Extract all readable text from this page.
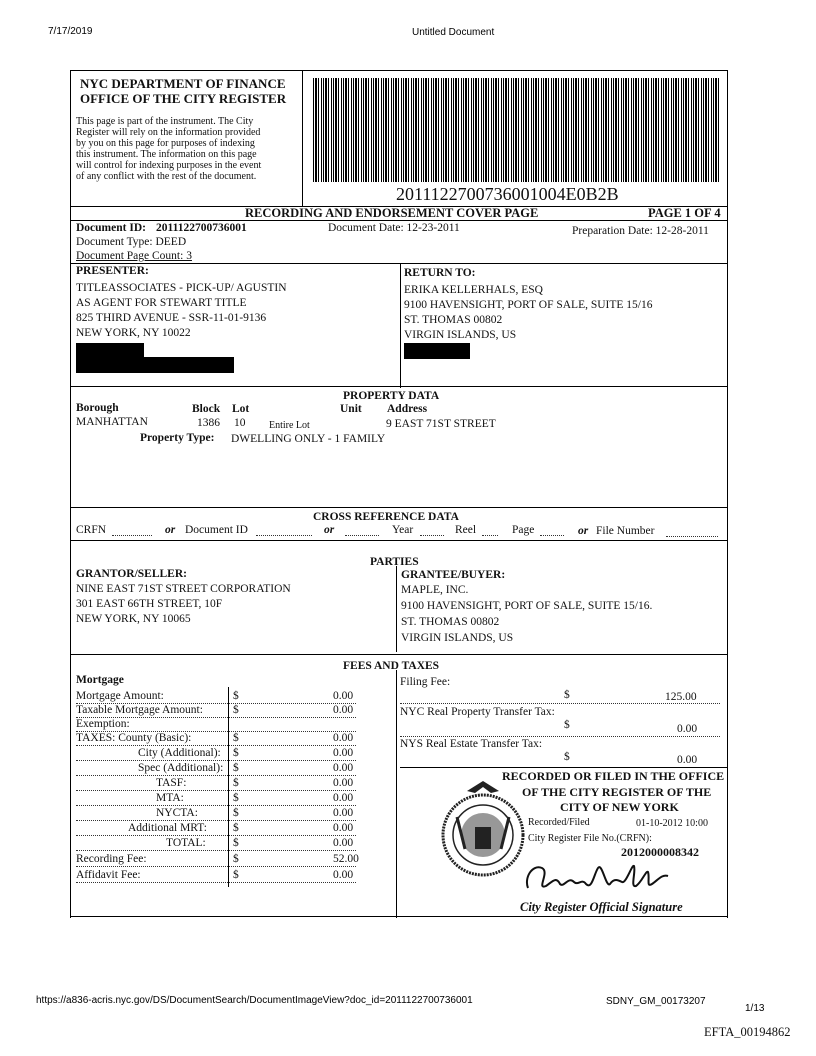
7/17/2019	Untitled Document
NYC DEPARTMENT OF FINANCE
OFFICE OF THE CITY REGISTER
This page is part of the instrument. The City
Register will rely on the information provided
by you on this page for purposes of indexing
this instrument. The information on this page
will control for indexing purposes in the event
of any conflict with the rest of the document.
2011122700736001004E0B2B
RECORDING AND ENDORSEMENT COVER PAGE	PAGE 1 OF 4
Document ID: 2011122700736001	Document Date: 12-23-2011	Preparation Date: 12-28-2011
Document Type: DEED
Document Page Count: 3
PRESENTER:
TITLEASSOCIATES - PICK-UP/ AGUSTIN
AS AGENT FOR STEWART TITLE
825 THIRD AVENUE - SSR-11-01-9136
NEW YORK, NY 10022
RETURN TO:
ERIKA KELLERHALS, ESQ
9100 HAVENSIGHT, PORT OF SALE, SUITE 15/16
ST. THOMAS 00802
VIRGIN ISLANDS, US
PROPERTY DATA
Borough	Block Lot	Unit Address
MANHATTAN	1386 10 Entire Lot	9 EAST 71ST STREET
Property Type: DWELLING ONLY - 1 FAMILY
CROSS REFERENCE DATA
CRFN	or Document ID	or	Year	Reel	Page	or File Number
PARTIES
GRANTOR/SELLER:
NINE EAST 71ST STREET CORPORATION
301 EAST 66TH STREET, 10F
NEW YORK, NY 10065
GRANTEE/BUYER:
MAPLE, INC.
9100 HAVENSIGHT, PORT OF SALE, SUITE 15/16.
ST. THOMAS 00802
VIRGIN ISLANDS, US
FEES AND TAXES
Mortgage	Filing Fee:
$	125.00
NYC Real Property Transfer Tax:
$	0.00
NYS Real Estate Transfer Tax:
$	0.00
RECORDED OR FILED IN THE OFFICE
OF THE CITY REGISTER OF THE
CITY OF NEW YORK
Recorded/Filed	01-10-2012 10:00
City Register File No.(CRFN):
2012000008342
City Register Official Signature
https://a836-acris.nyc.gov/DS/DocumentSearch/DocumentImageView?doc_id=2011122700736001	SDNY_GM_00173207
1/13
EFTA_00194862
Mortgage Amount:	$	0.00
Taxable Mortgage Amount:	$	0.00
Exemption:
TAXES: County (Basic):	$	0.00
City (Additional): $	0.00
Spec (Additional): $	0.00
TASF:	$	0.00
MTA:	$	0.00
NYCTA:	$	0.00
Additional MRT: $	0.00
TOTAL: $	0.00
Recording Fee:	$	52.00
Affidavit Fee:	$	0.00
